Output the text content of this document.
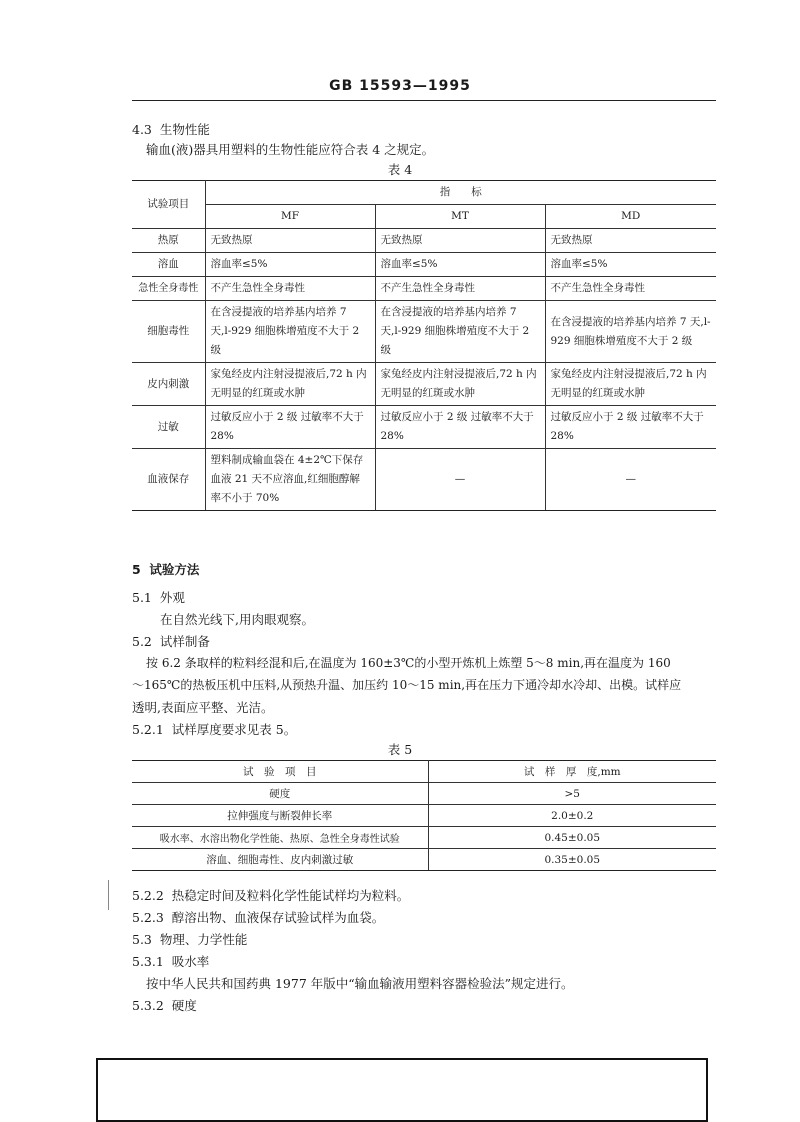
GB 15593—1995
4.3 生物性能
输血(液)器具用塑料的生物性能应符合表 4 之规定。
表 4
试验项目	指　　标		
	MF	MT	MD
热原	无致热原	无致热原	无致热原
溶血	溶血率≤5%	溶血率≤5%	溶血率≤5%
急性全身毒性	不产生急性全身毒性	不产生急性全身毒性	不产生急性全身毒性
细胞毒性	在含浸提液的培养基内培养 7 天,l-929 细胞株增殖度不大于 2 级	在含浸提液的培养基内培养 7 天,l-929 细胞株增殖度不大于 2 级	在含浸提液的培养基内培养 7 天,l-929 细胞株增殖度不大于 2 级
皮内刺激	家兔经皮内注射浸提液后,72 h 内无明显的红斑或水肿	家兔经皮内注射浸提液后,72 h 内无明显的红斑或水肿	家兔经皮内注射浸提液后,72 h 内无明显的红斑或水肿
过敏	过敏反应小于 2 级 过敏率不大于 28%	过敏反应小于 2 级 过敏率不大于 28%	过敏反应小于 2 级 过敏率不大于 28%
血液保存	塑料制成输血袋在 4±2℃下保存血液 21 天不应溶血,红细胞醇解率不小于 70%	—	—
5 试验方法
5.1 外观
在自然光线下,用肉眼观察。
5.2 试样制备
按 6.2 条取样的粒料经混和后,在温度为 160±3℃的小型开炼机上炼塑 5～8 min,再在温度为 160
～165℃的热板压机中压料,从预热升温、加压约 10～15 min,再在压力下通冷却水冷却、出模。试样应
透明,表面应平整、光洁。
5.2.1 试样厚度要求见表 5。
表 5
试　验　项　目	试　样　厚　度,mm
硬度	>5
拉伸强度与断裂伸长率	2.0±0.2
吸水率、水溶出物化学性能、热原、急性全身毒性试验	0.45±0.05
溶血、细胞毒性、皮内刺激过敏	0.35±0.05
5.2.2 热稳定时间及粒料化学性能试样均为粒料。
5.2.3 醇溶出物、血液保存试验试样为血袋。
5.3 物理、力学性能
5.3.1 吸水率
按中华人民共和国药典 1977 年版中“输血输液用塑料容器检验法”规定进行。
5.3.2 硬度
